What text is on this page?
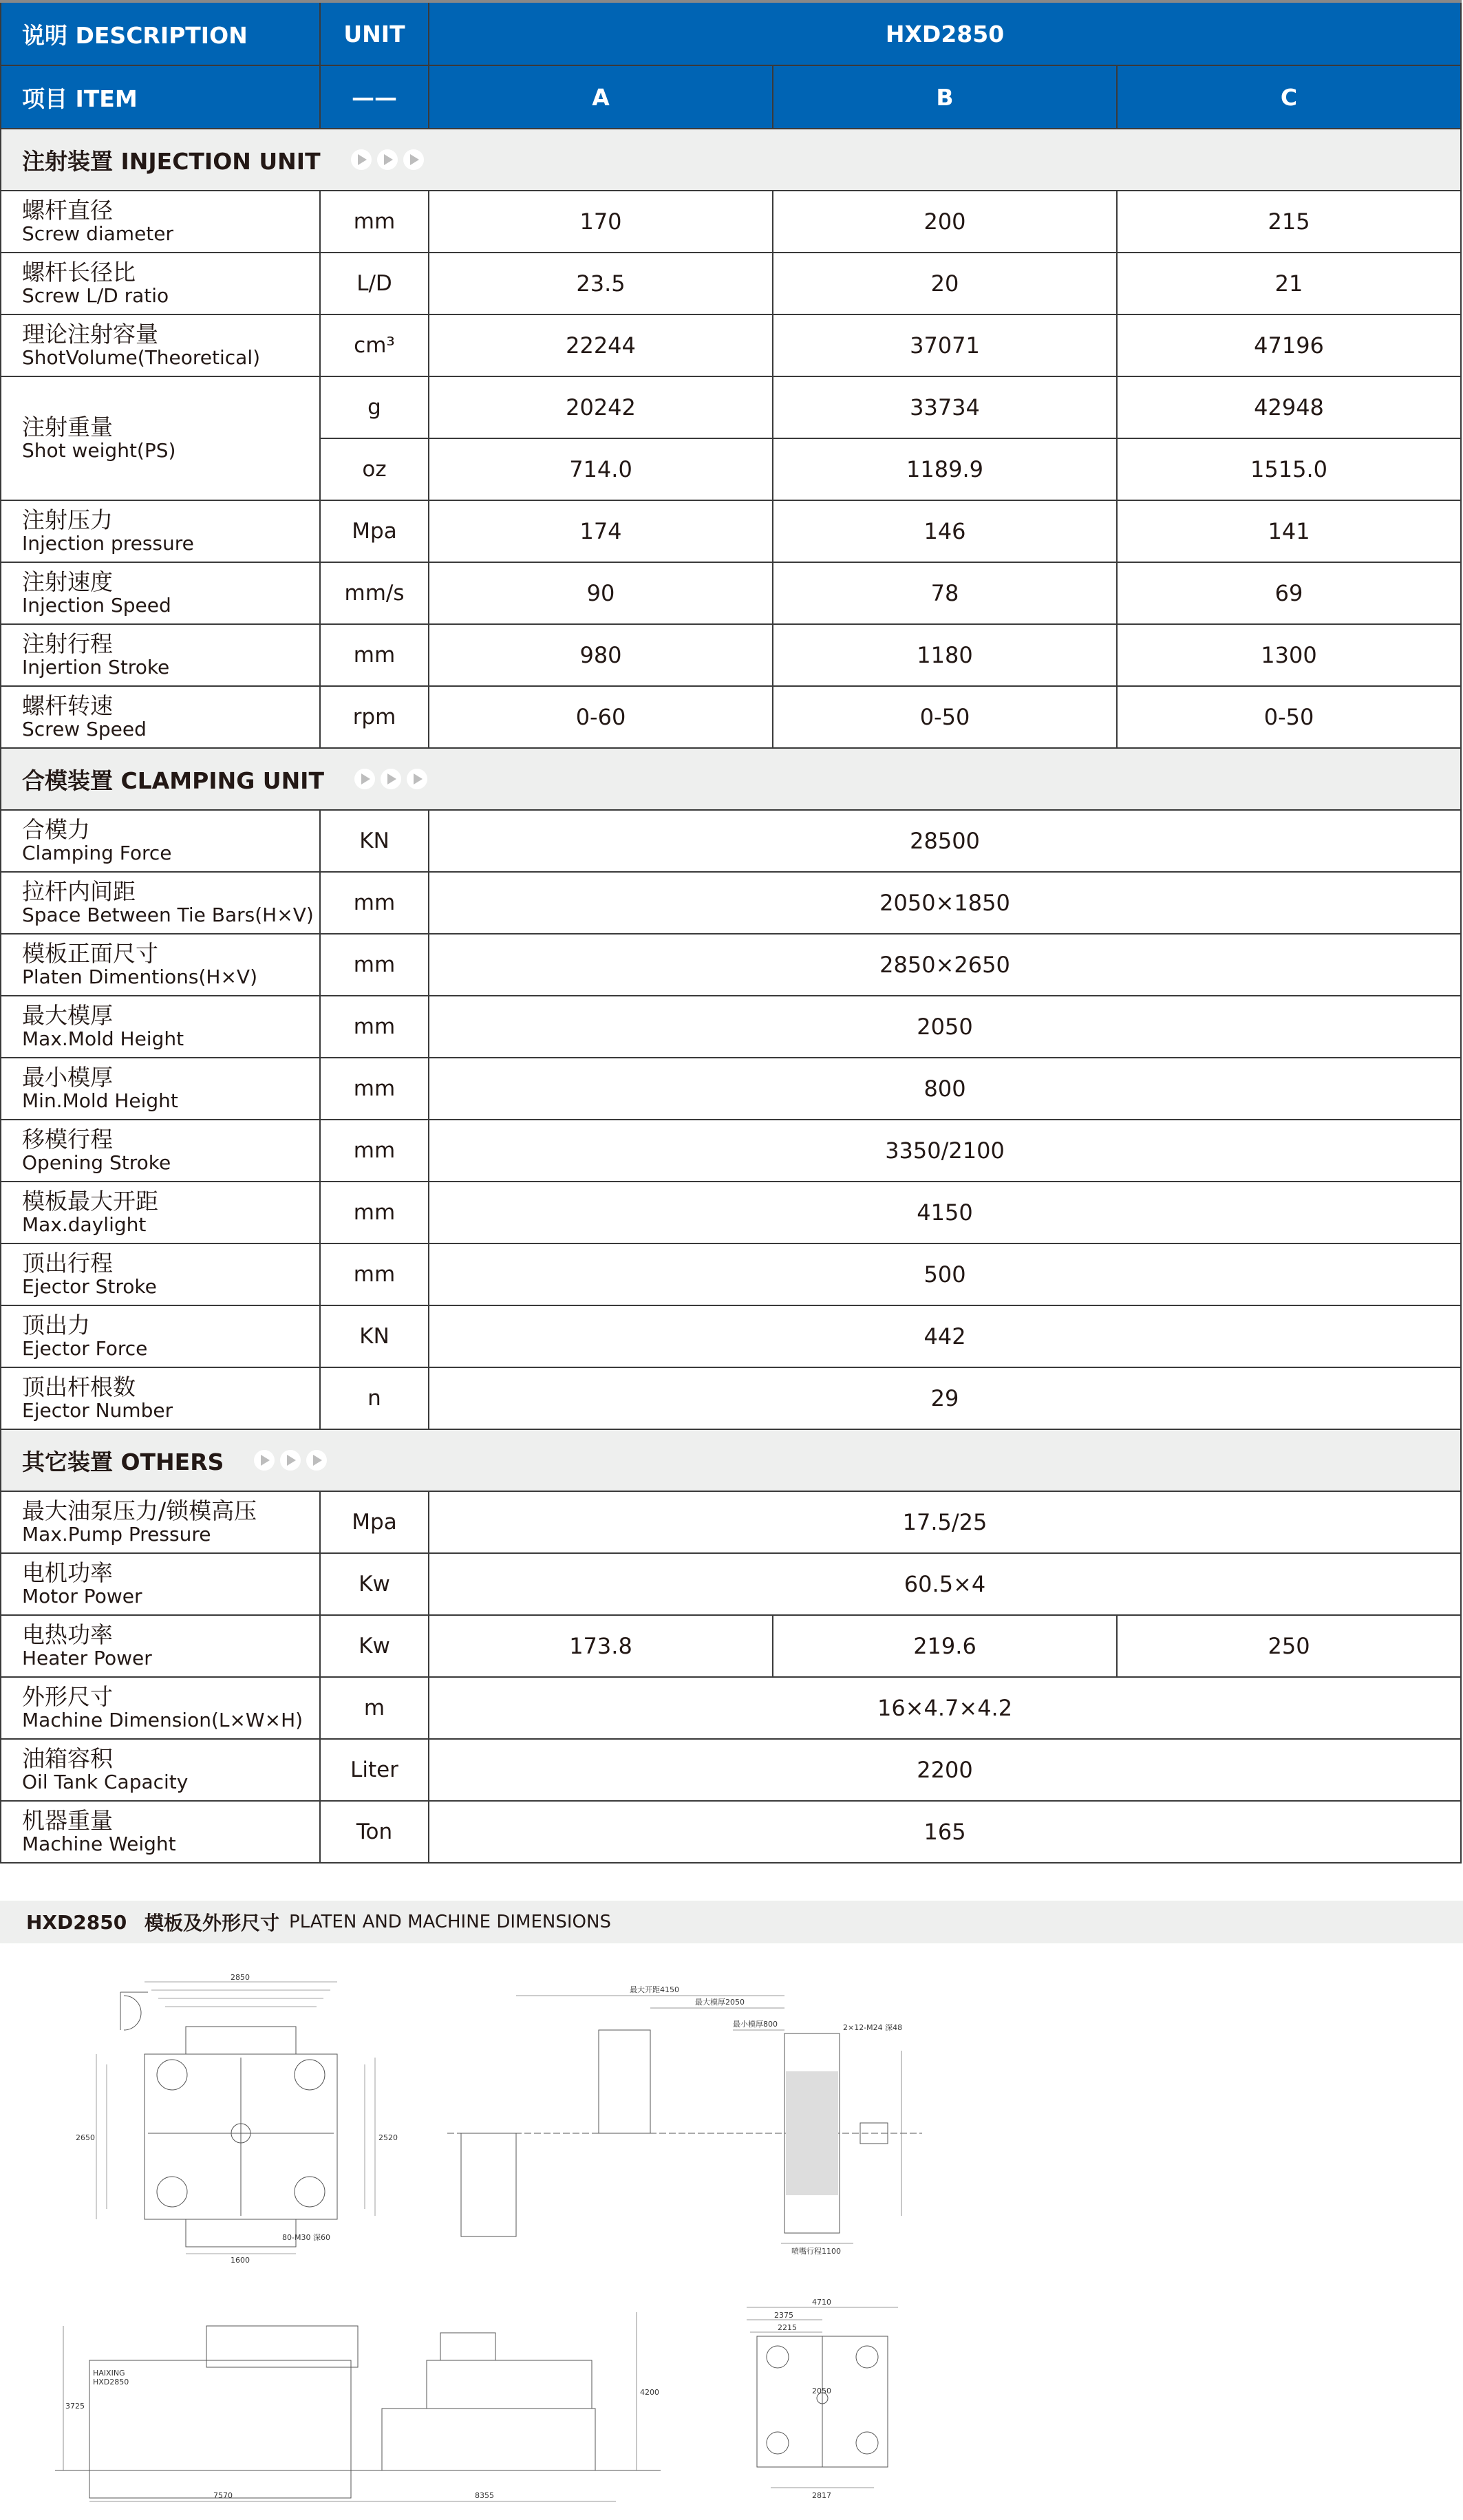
说明 DESCRIPTION	UNIT	HXD2850		
项目 ITEM	——	A	B	C

注射装置 INJECTION UNIT				

螺杆直径
Screw diameter	mm	170	200	215

螺杆长径比
Screw L/D ratio	L/D	23.5	20	21

理论注射容量
ShotVolume(Theoretical)	cm³	22244	37071	47196

注射重量
Shot weight(PS)	g	20242	33734	42948
	oz	714.0	1189.9	1515.0

注射压力
Injection pressure	Mpa	174	146	141

注射速度
Injection Speed	mm/s	90	78	69

注射行程
Injertion Stroke	mm	980	1180	1300

螺杆转速
Screw Speed	rpm	0-60	0-50	0-50

合模装置 CLAMPING UNIT				

合模力
Clamping Force	KN	28500		

拉杆内间距
Space Between Tie Bars(H×V)	mm	2050×1850		

模板正面尺寸
Platen Dimentions(H×V)	mm	2850×2650		

最大模厚
Max.Mold Height	mm	2050		

最小模厚
Min.Mold Height	mm	800		

移模行程
Opening Stroke	mm	3350/2100		

模板最大开距
Max.daylight	mm	4150		

顶出行程
Ejector Stroke	mm	500		

顶出力
Ejector Force	KN	442		

顶出杆根数
Ejector Number	n	29		

其它装置 OTHERS				

最大油泵压力/锁模高压
Max.Pump Pressure	Mpa	17.5/25		

电机功率
Motor Power	Kw	60.5×4		

电热功率
Heater Power	Kw	173.8	219.6	250

外形尺寸
Machine Dimension(L×W×H)	m	16×4.7×4.2		

油箱容积
Oil Tank Capacity	Liter	2200		

机器重量
Machine Weight	Ton	165		
HXD2850 模板及外形尺寸 PLATEN AND MACHINE DIMENSIONS
2850
2650	2520
1600
80-M30 深60
最大开距4150
最大模厚2050
最小模厚800	2×12-M24 深48
喷嘴行程1100
HAIXING
HXD2850
7570	8355
4200
3725
4710
2375
2215
2050
2817
